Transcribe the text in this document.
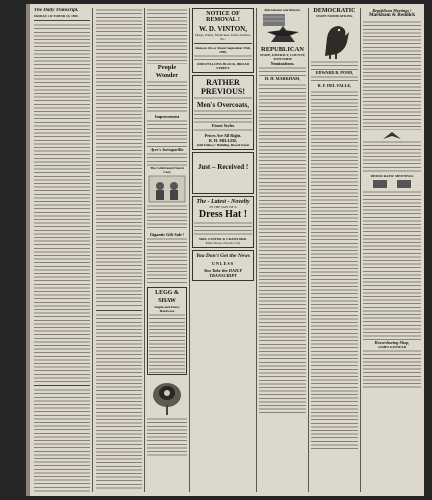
The Daily Transcript.
FRIDAY, OCTOBER 10, 1890.
People Wonder
Improvement
Ayer's Sarsaparilla
The Celebrated French Cure
Gigantic Gift Sale !
LEGG & SHAW
Staple and Fancy Hardware
NOTICE OF REMOVAL !
W. D. VINTON,
Drugs, Paints, Medicines, Toilet Articles, Etc.
Remove On or About September 25th, 1890,
ODD FELLOWS BLOCK, BROAD STREET
RATHER PREVIOUS!
Men's Overcoats,
Finest Styles
Prices Are All Right.
B. H. MILLER,
Odd Fellows' Building, Broad Street
Just – Received !
The - Latest - Novelty
IN THE WAY OF A
Dress Hat !
MRS. LESTER & CRAWFORD.
Main Street, Nevada City
You Don't Get the News
UNLESS
You Take the DAILY TRANSCRIPT
Refreshment and Reform.
REPUBLICAN
STATE, DISTRICT, COUNTY, TOWNSHIP
Nominations.
H. H. MARKHAM,
DEMOCRATIC
STATE NOMINATIONS.
EDWARD B. POND,
R. F. DEL VALLE,
Republican Meetings !
Markham & Reddick
DEMOCRATIC MEETINGS
Horseshoeing Shop,
JAMES KINNEAR
